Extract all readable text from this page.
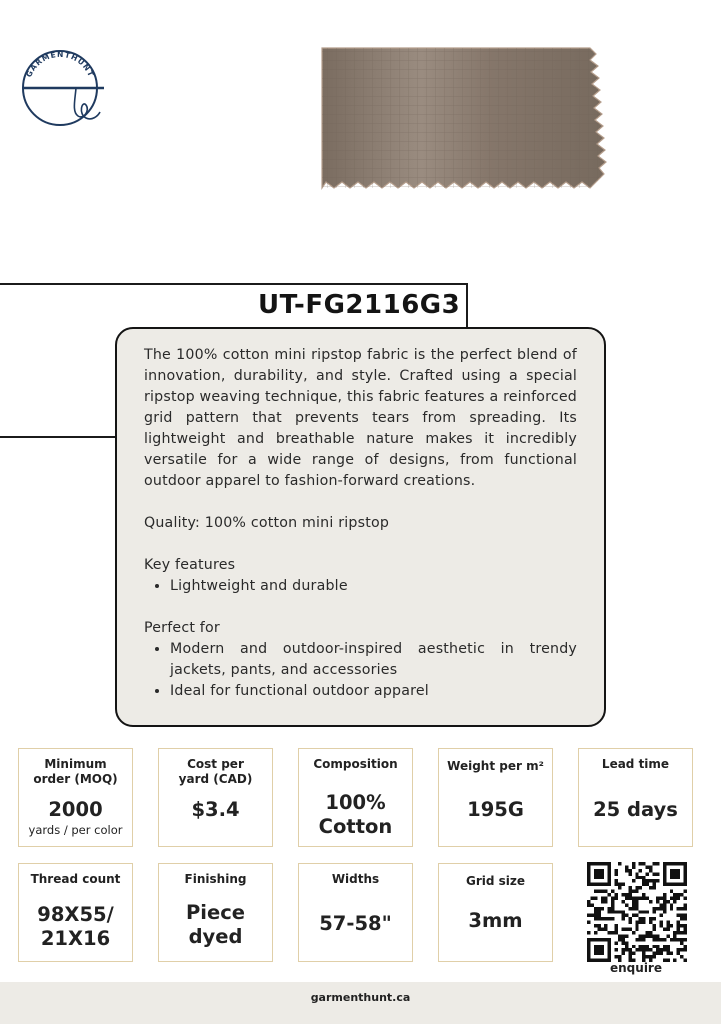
GARMENTHUNT
UT-FG2116G3

The 100% cotton mini ripstop fabric is the perfect blend of innovation, durability, and style. Crafted using a special ripstop weaving technique, this fabric features a reinforced grid pattern that prevents tears from spreading. Its lightweight and breathable nature makes it incredibly versatile for a wide range of designs, from functional outdoor apparel to fashion-forward creations.

Quality: 100% cotton mini ripstop

Key features

• Lightweight and durable

Perfect for

• Modern and outdoor-inspired aesthetic in trendy jackets, pants, and accessories
• Ideal for functional outdoor apparel
Minimum order (MOQ)
2000
yards / per color
Cost per yard (CAD)
$3.4
Composition
100% Cotton
Weight per m²
195G
Lead time
25 days
Thread count
98X55/ 21X16
Finishing
Piece dyed
Widths
57-58"
Grid size
3mm
enquire
garmenthunt.ca
